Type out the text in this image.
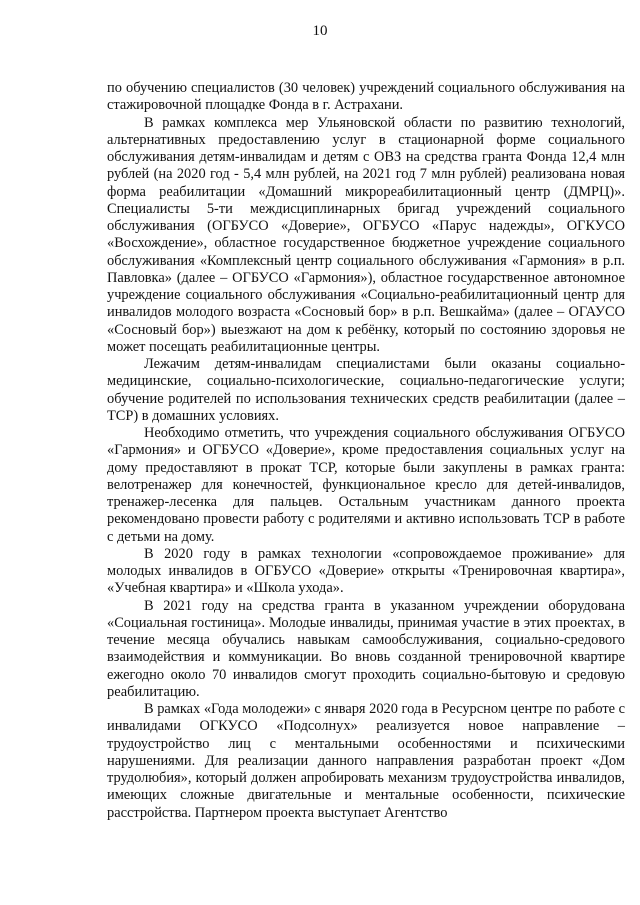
10

по обучению специалистов (30 человек) учреждений социального обслуживания на стажировочной площадке Фонда в г. Астрахани.

В рамках комплекса мер Ульяновской области по развитию технологий, альтернативных предоставлению услуг в стационарной форме социального обслуживания детям-инвалидам и детям с ОВЗ на средства гранта Фонда 12,4 млн рублей (на 2020 год - 5,4 млн рублей, на 2021 год 7 млн рублей) реализована новая форма реабилитации «Домашний микрореабилитационный центр (ДМРЦ)». Специалисты 5-ти междисциплинарных бригад учреждений социального обслуживания (ОГБУСО «Доверие», ОГБУСО «Парус надежды», ОГКУСО «Восхождение», областное государственное бюджетное учреждение социального обслуживания «Комплексный центр социального обслуживания «Гармония» в р.п. Павловка» (далее – ОГБУСО «Гармония»), областное государственное автономное учреждение социального обслуживания «Социально-реабилитационный центр для инвалидов молодого возраста «Сосновый бор» в р.п. Вешкайма» (далее – ОГАУСО «Сосновый бор») выезжают на дом к ребёнку, который по состоянию здоровья не может посещать реабилитационные центры.

Лежачим детям-инвалидам специалистами были оказаны социально-медицинские, социально-психологические, социально-педагогические услуги; обучение родителей по использования технических средств реабилитации (далее – ТСР) в домашних условиях.

Необходимо отметить, что учреждения социального обслуживания ОГБУСО «Гармония» и ОГБУСО «Доверие», кроме предоставления социальных услуг на дому предоставляют в прокат ТСР, которые были закуплены в рамках гранта: велотренажер для конечностей, функциональное кресло для детей-инвалидов, тренажер-лесенка для пальцев. Остальным участникам данного проекта рекомендовано провести работу с родителями и активно использовать ТСР в работе с детьми на дому.

В 2020 году в рамках технологии «сопровождаемое проживание» для молодых инвалидов в ОГБУСО «Доверие» открыты «Тренировочная квартира», «Учебная квартира» и «Школа ухода».

В 2021 году на средства гранта в указанном учреждении оборудована «Социальная гостиница». Молодые инвалиды, принимая участие в этих проектах, в течение месяца обучались навыкам самообслуживания, социально-средового взаимодействия и коммуникации. Во вновь созданной тренировочной квартире ежегодно около 70 инвалидов смогут проходить социально-бытовую и средовую реабилитацию.

В рамках «Года молодежи» с января 2020 года в Ресурсном центре по работе с инвалидами ОГКУСО «Подсолнух» реализуется новое направление – трудоустройство лиц с ментальными особенностями и психическими нарушениями. Для реализации данного направления разработан проект «Дом трудолюбия», который должен апробировать механизм трудоустройства инвалидов, имеющих сложные двигательные и ментальные особенности, психические расстройства. Партнером проекта выступает Агентство
